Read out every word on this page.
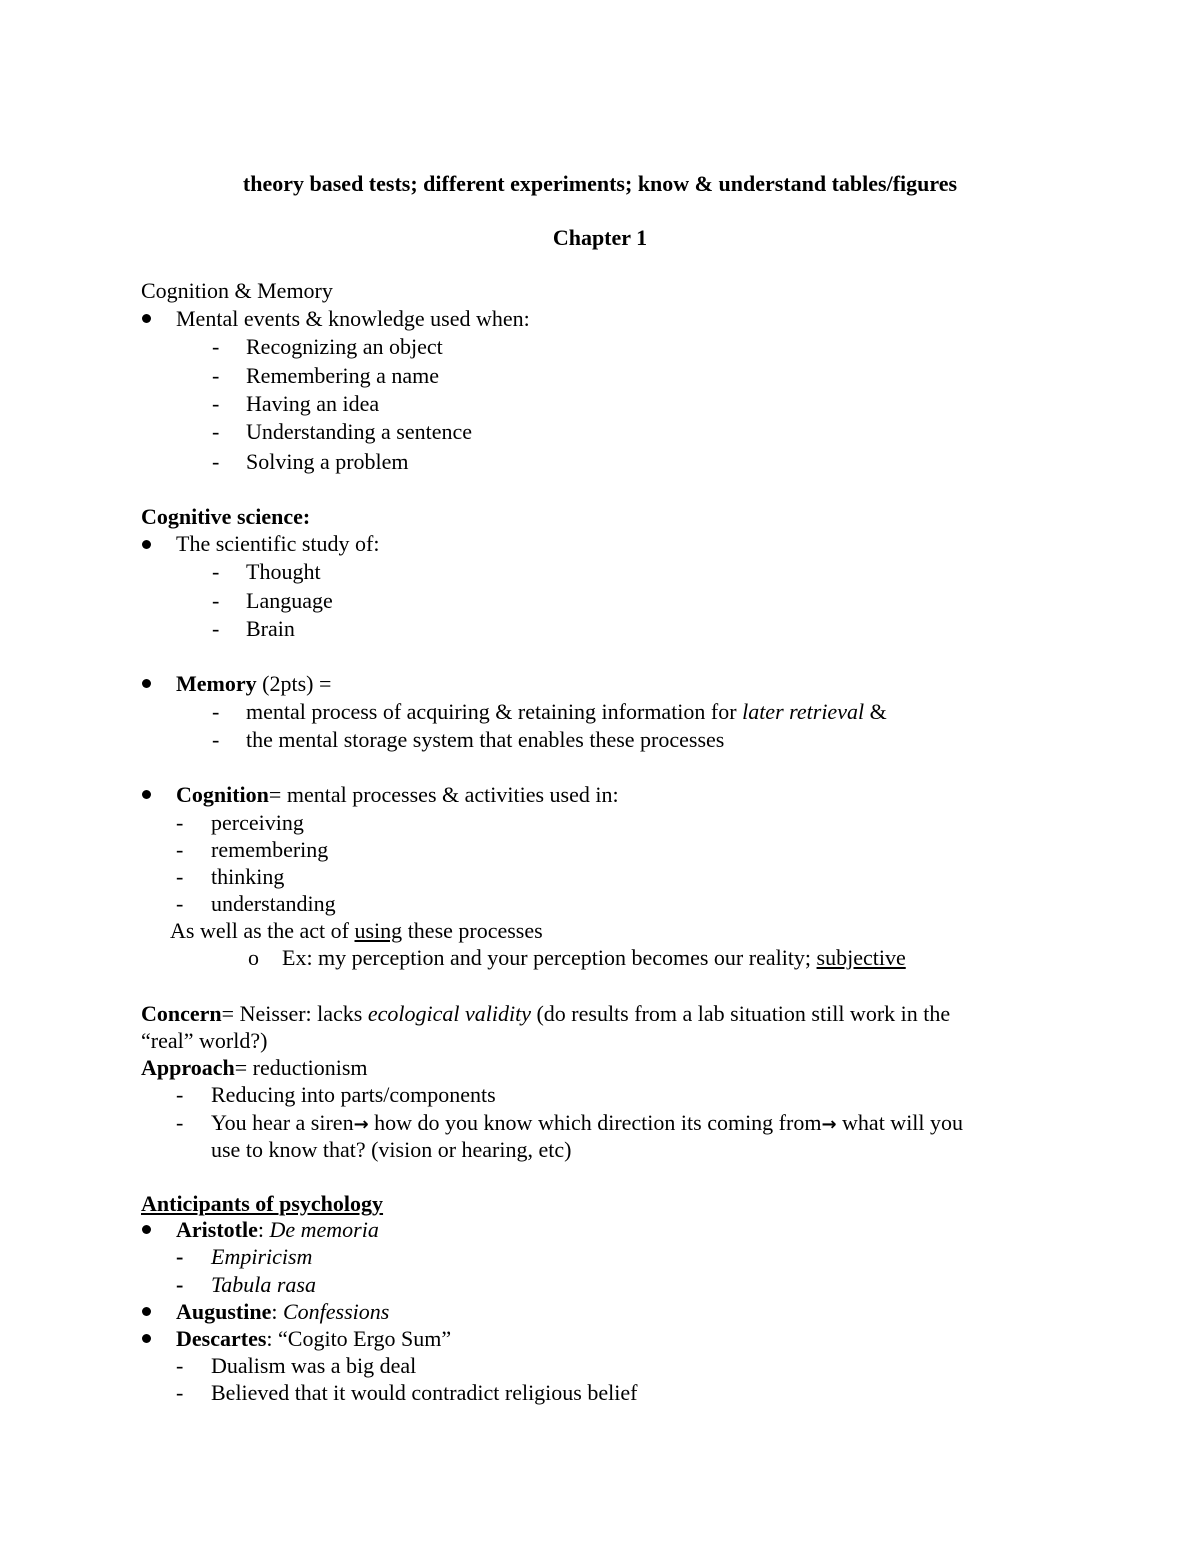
theory based tests; different experiments; know & understand tables/figures
Chapter 1
Cognition & Memory
Mental events & knowledge used when:
- Recognizing an object
- Remembering a name
- Having an idea
- Understanding a sentence
- Solving a problem
Cognitive science:
The scientific study of:
- Thought
- Language
- Brain
Memory (2pts) =
- mental process of acquiring & retaining information for later retrieval &
- the mental storage system that enables these processes
Cognition= mental processes & activities used in:
- perceiving
- remembering
- thinking
- understanding
As well as the act of using these processes
o Ex: my perception and your perception becomes our reality; subjective
Concern= Neisser: lacks ecological validity (do results from a lab situation still work in the
“real” world?)
Approach= reductionism
- Reducing into parts/components
- You hear a siren→ how do you know which direction its coming from→ what will you
use to know that? (vision or hearing, etc)
Anticipants of psychology
Aristotle: De memoria
- Empiricism
- Tabula rasa
Augustine: Confessions
Descartes: “Cogito Ergo Sum”
- Dualism was a big deal
- Believed that it would contradict religious belief
